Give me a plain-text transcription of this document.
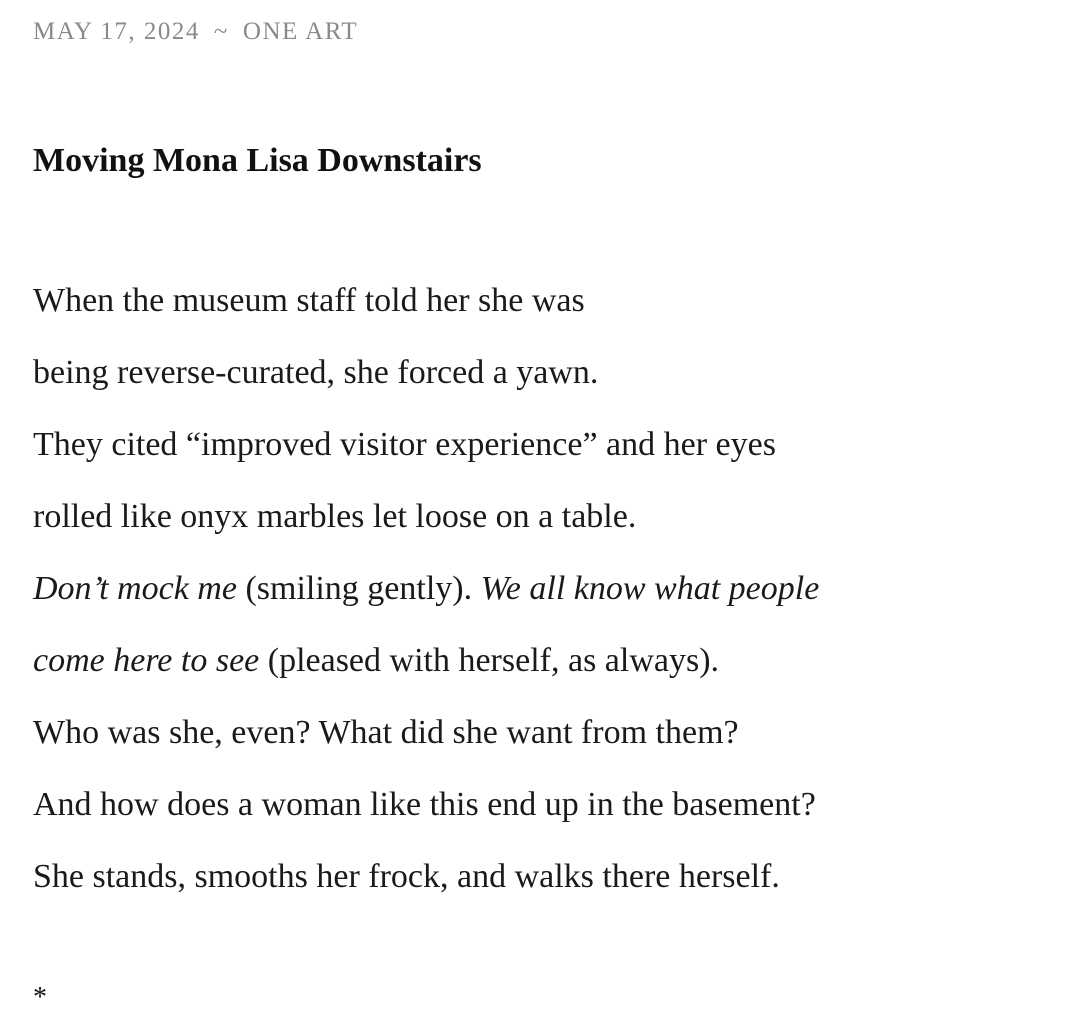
MAY 17, 2024 ~ ONE ART
Moving Mona Lisa Downstairs
When the museum staff told her she was
being reverse-curated, she forced a yawn.
They cited “improved visitor experience” and her eyes
rolled like onyx marbles let loose on a table.
Don’t mock me (smiling gently). We all know what people
come here to see (pleased with herself, as always).
Who was she, even? What did she want from them?
And how does a woman like this end up in the basement?
She stands, smooths her frock, and walks there herself.
*
